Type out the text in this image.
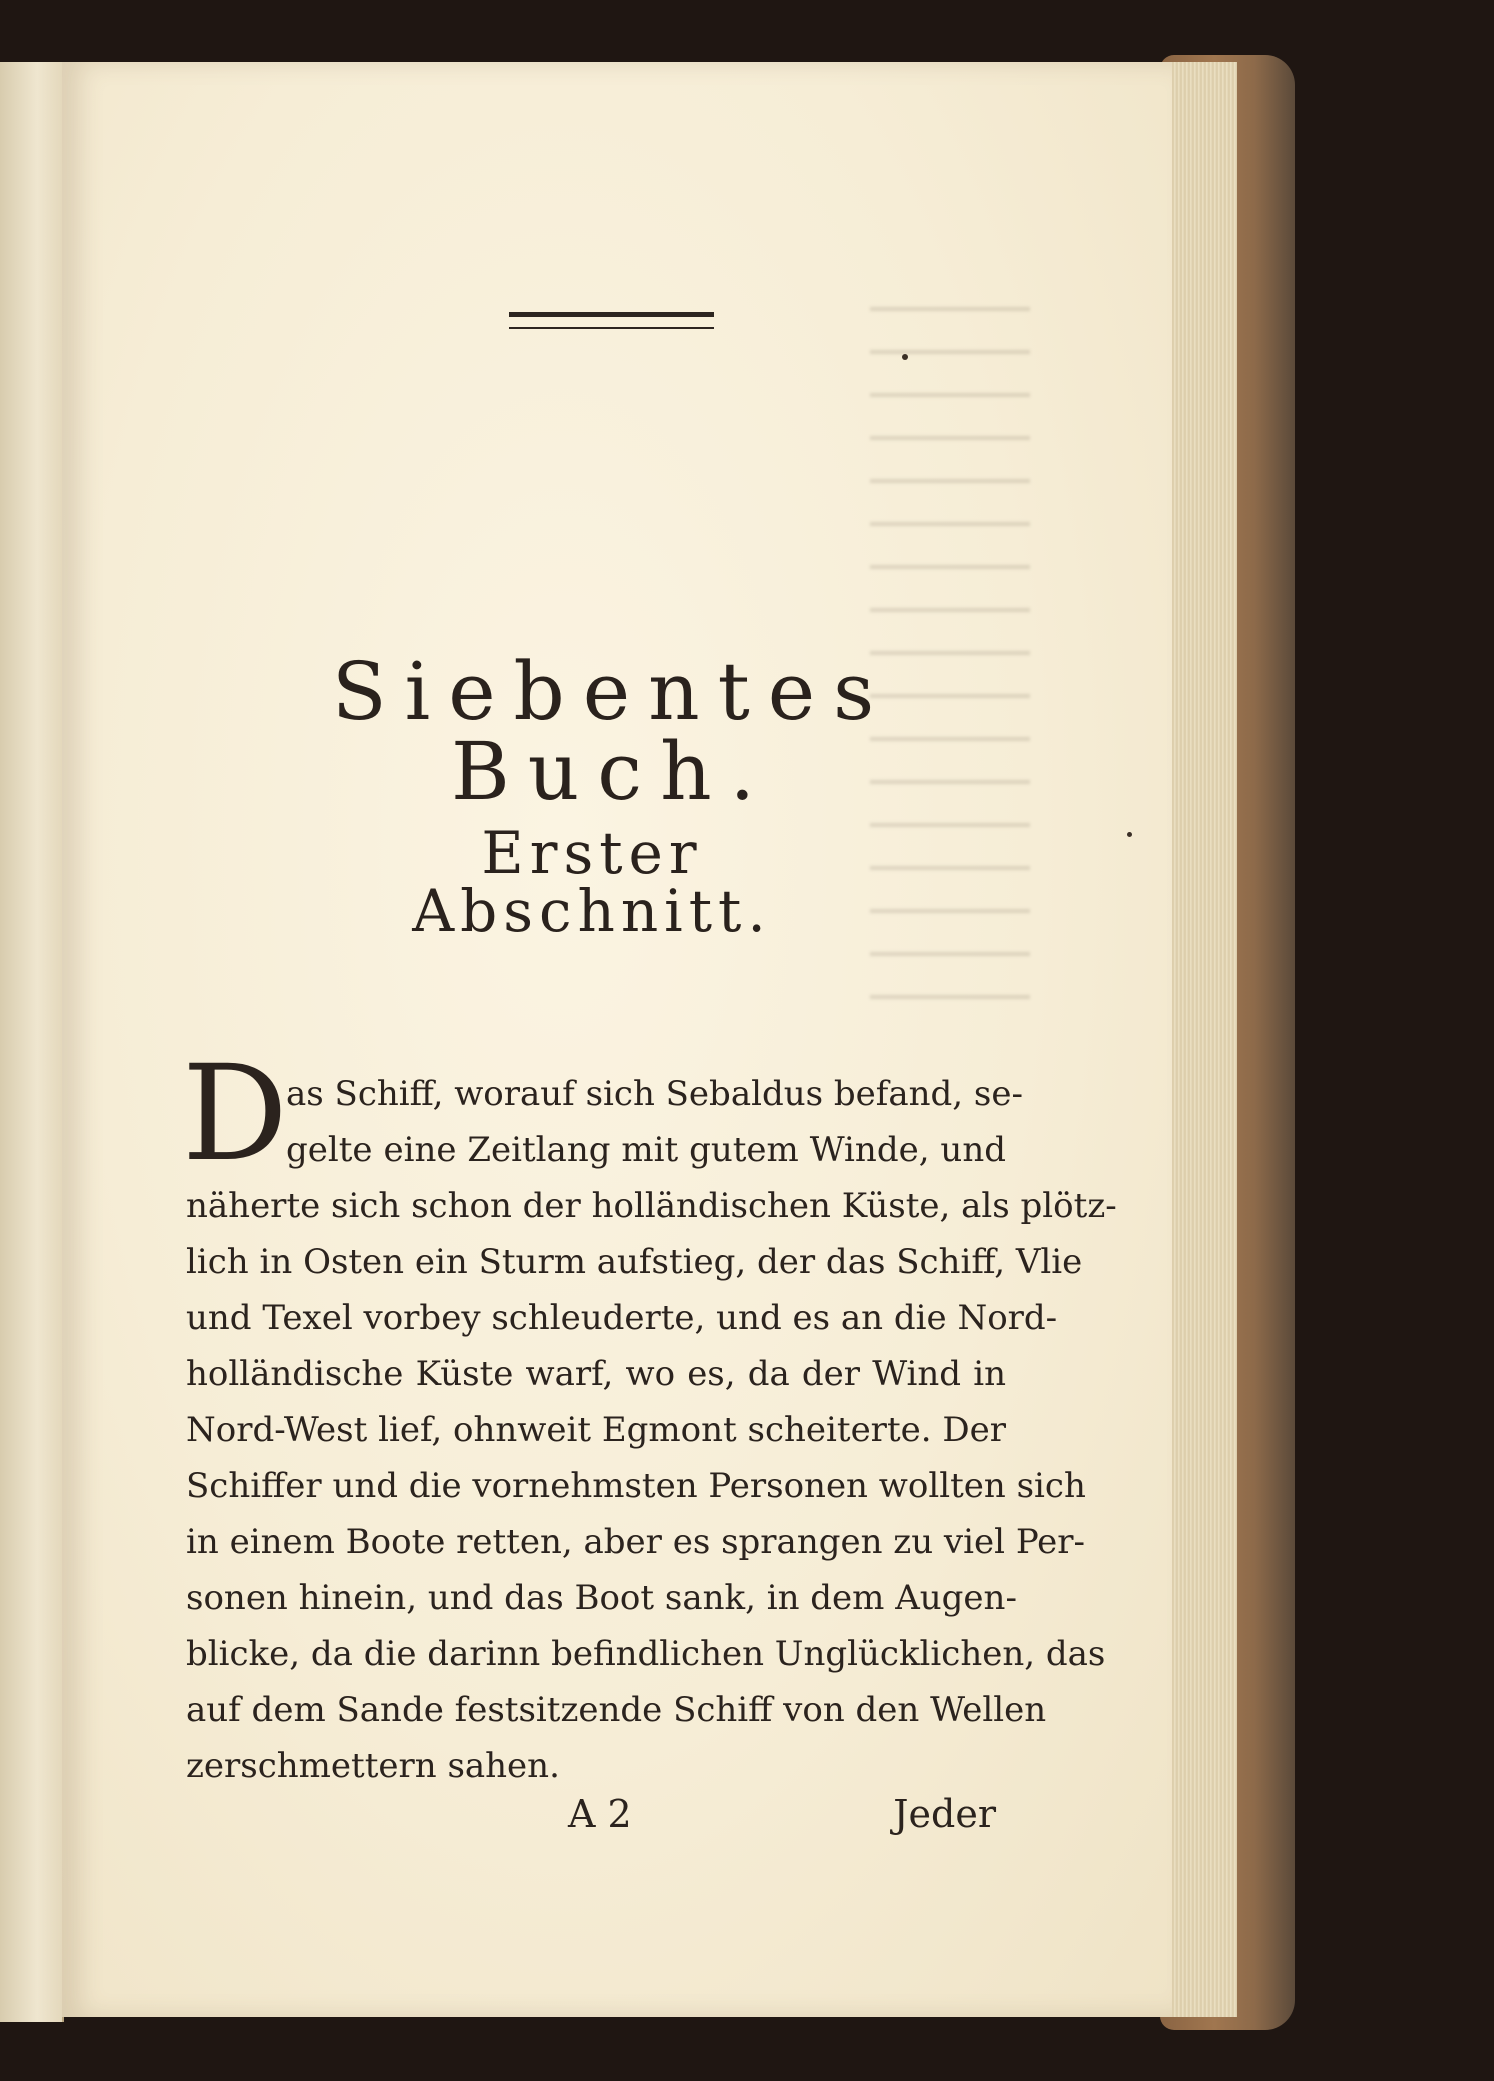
Siebentes Buch.
Erster Abschnitt.
D
as Schiff, worauf sich Sebaldus befand, se-
gelte eine Zeitlang mit gutem Winde, und
näherte sich schon der holländischen Küste, als plötz-
lich in Osten ein Sturm aufstieg, der das Schiff, Vlie
und Texel vorbey schleuderte, und es an die Nord-
holländische Küste warf, wo es, da der Wind in
Nord-West lief, ohnweit Egmont scheiterte. Der
Schiffer und die vornehmsten Personen wollten sich
in einem Boote retten, aber es sprangen zu viel Per-
sonen hinein, und das Boot sank, in dem Augen-
blicke, da die darinn befindlichen Unglücklichen, das
auf dem Sande festsitzende Schiff von den Wellen
zerschmettern sahen.
A 2	Jeder
